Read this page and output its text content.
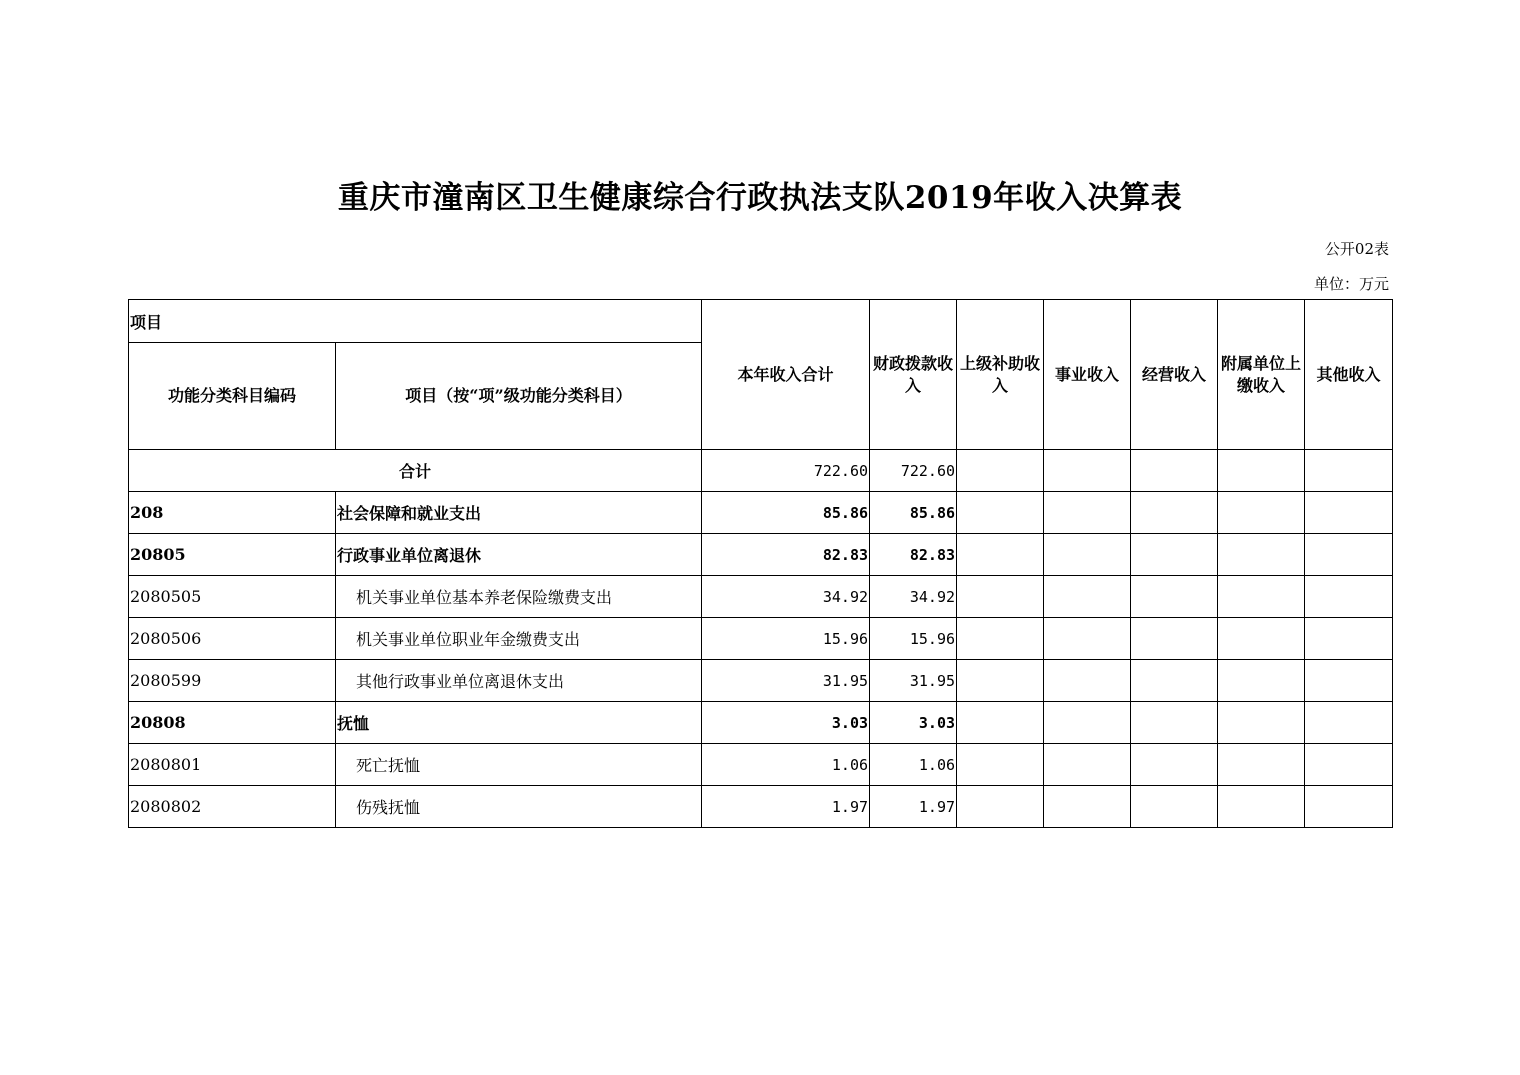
重庆市潼南区卫生健康综合行政执法支队2019年收入决算表
公开02表
单位：万元
项目		本年收入合计	财政拨款收入	上级补助收入	事业收入	经营收入	附属单位上缴收入	其他收入
功能分类科目编码	项目（按“项”级功能分类科目）							
合计		722.60	722.60					
208	社会保障和就业支出	85.86	85.86					
20805	行政事业单位离退休	82.83	82.83					
2080505	机关事业单位基本养老保险缴费支出	34.92	34.92					
2080506	机关事业单位职业年金缴费支出	15.96	15.96					
2080599	其他行政事业单位离退休支出	31.95	31.95					
20808	抚恤	3.03	3.03					
2080801	死亡抚恤	1.06	1.06					
2080802	伤残抚恤	1.97	1.97					
